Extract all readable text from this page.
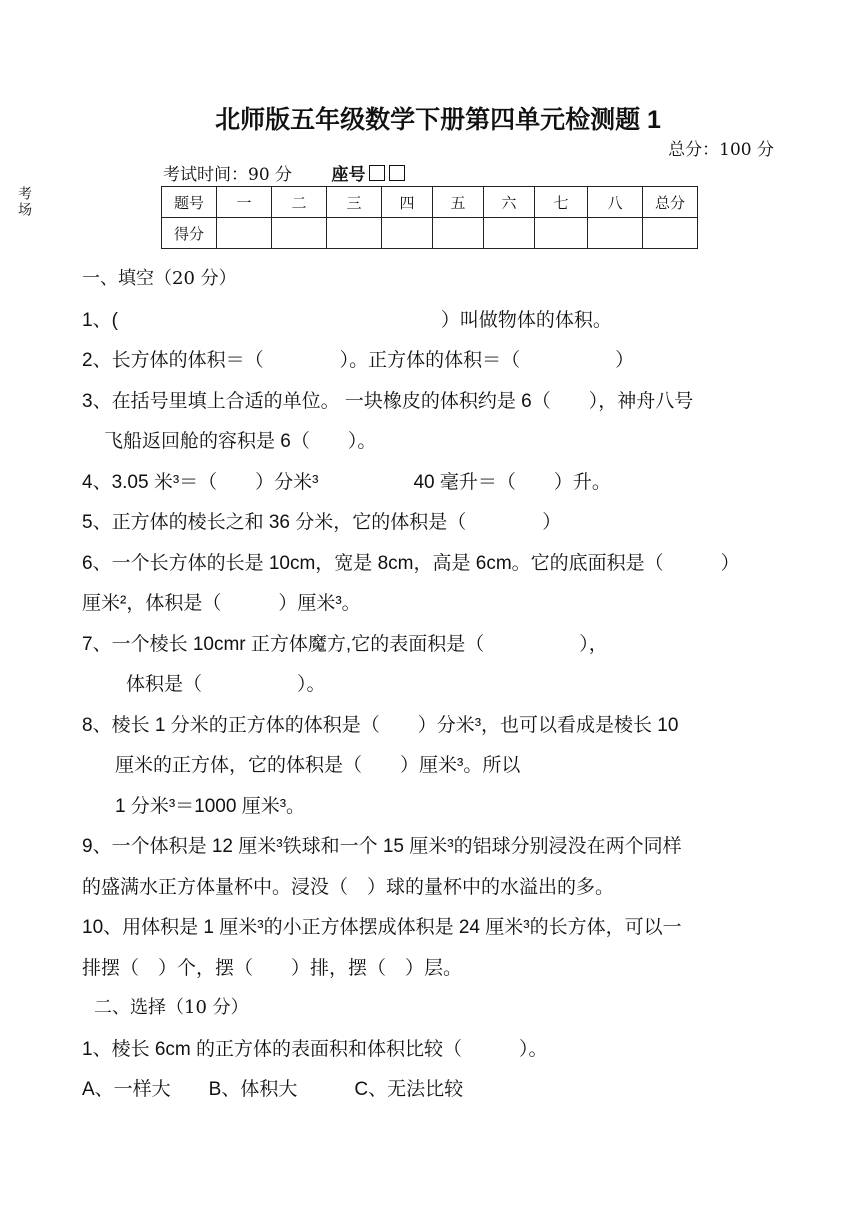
考场
北师版五年级数学下册第四单元检测题 1
总分：100 分
考试时间：90 分 座号
题号	一	二	三	四	五	六	七	八	总分
得分									
一、填空（20 分）
1、(　　　　　　　　　　　　　　　　　）叫做物体的体积。
2、长方体的体积＝（　　　　）。正方体的体积＝（　　　　　）
3、在括号里填上合适的单位。 一块橡皮的体积约是 6（　　），神舟八号
飞船返回舱的容积是 6（　　）。
4、3.05 米³＝（　　）分米³　　　　　40 毫升＝（　　）升。
5、正方体的棱长之和 36 分米，它的体积是（　　　　）
6、一个长方体的长是 10cm，宽是 8cm，高是 6cm。它的底面积是（　　　）
厘米²，体积是（　　　）厘米³。
7、一个棱长 10cmr 正方体魔方,它的表面积是（　　　　　），
体积是（　　　　　）。
8、棱长 1 分米的正方体的体积是（　　）分米³，也可以看成是棱长 10
厘米的正方体，它的体积是（　　）厘米³。所以
1 分米³＝1000 厘米³。
9、一个体积是 12 厘米³铁球和一个 15 厘米³的铝球分别浸没在两个同样
的盛满水正方体量杯中。浸没（　）球的量杯中的水溢出的多。
10、用体积是 1 厘米³的小正方体摆成体积是 24 厘米³的长方体，可以一
排摆（　）个，摆（　　）排，摆（　）层。
二、选择（10 分）
1、棱长 6cm 的正方体的表面积和体积比较（　　　）。
A、一样大　　B、体积大　　　C、无法比较
